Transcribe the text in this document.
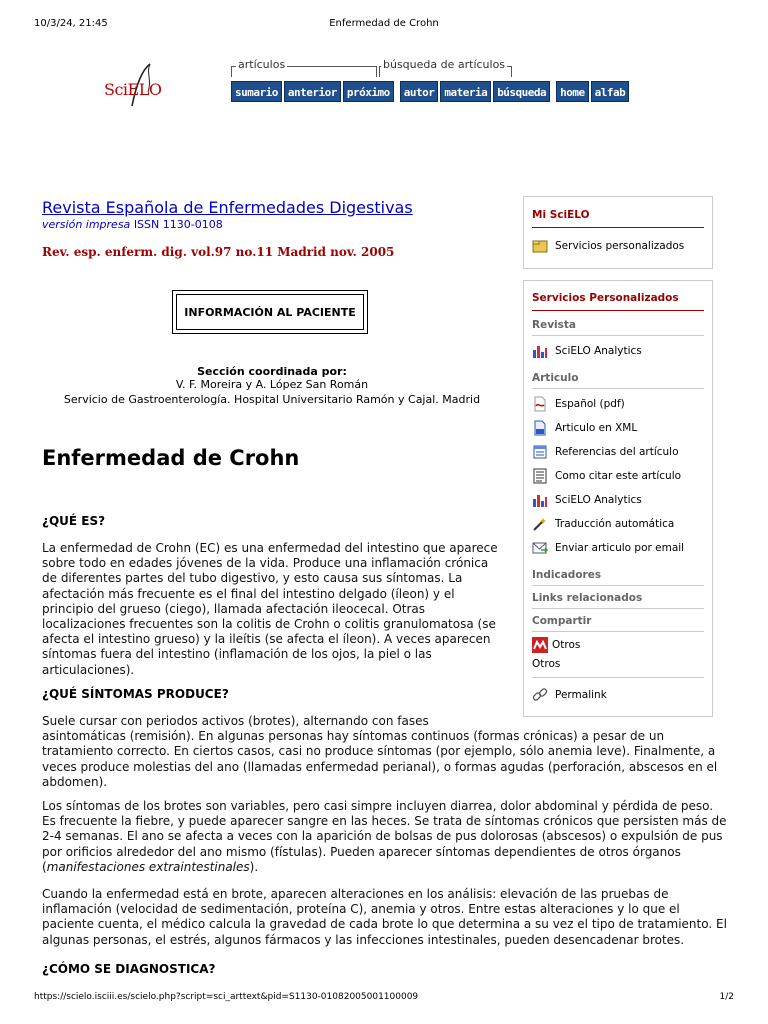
10/3/24, 21:45	Enfermedad de Crohn
SciELO
artículos	búsqueda de artículos
sumario anterior próximo	autor materia búsqueda	home alfab
Revista Española de Enfermedades Digestivas
versión impresa ISSN 1130-0108
Rev. esp. enferm. dig. vol.97 no.11 Madrid nov. 2005
INFORMACIÓN AL PACIENTE
Sección coordinada por:
V. F. Moreira y A. López San Román
Servicio de Gastroenterología. Hospital Universitario Ramón y Cajal. Madrid
Enfermedad de Crohn
¿QUÉ ES?
La enfermedad de Crohn (EC) es una enfermedad del intestino que aparece
sobre todo en edades jóvenes de la vida. Produce una inflamación crónica
de diferentes partes del tubo digestivo, y esto causa sus síntomas. La
afectación más frecuente es el final del intestino delgado (íleon) y el
principio del grueso (ciego), llamada afectación ileocecal. Otras
localizaciones frecuentes son la colitis de Crohn o colitis granulomatosa (se
afecta el intestino grueso) y la ileítis (se afecta el íleon). A veces aparecen
síntomas fuera del intestino (inflamación de los ojos, la piel o las
articulaciones).
¿QUÉ SÍNTOMAS PRODUCE?
Suele cursar con periodos activos (brotes), alternando con fases
asintomáticas (remisión). En algunas personas hay síntomas continuos (formas crónicas) a pesar de un
tratamiento correcto. En ciertos casos, casi no produce síntomas (por ejemplo, sólo anemia leve). Finalmente, a
veces produce molestias del ano (llamadas enfermedad perianal), o formas agudas (perforación, abscesos en el
abdomen).
Los síntomas de los brotes son variables, pero casi simpre incluyen diarrea, dolor abdominal y pérdida de peso.
Es frecuente la fiebre, y puede aparecer sangre en las heces. Se trata de síntomas crónicos que persisten más de
2-4 semanas. El ano se afecta a veces con la aparición de bolsas de pus dolorosas (abscesos) o expulsión de pus
por orificios alrededor del ano mismo (fístulas). Pueden aparecer síntomas dependientes de otros órganos
(manifestaciones extraintestinales).
Cuando la enfermedad está en brote, aparecen alteraciones en los análisis: elevación de las pruebas de
inflamación (velocidad de sedimentación, proteína C), anemia y otros. Entre estas alteraciones y lo que el
paciente cuenta, el médico calcula la gravedad de cada brote lo que determina a su vez el tipo de tratamiento. El
algunas personas, el estrés, algunos fármacos y las infecciones intestinales, pueden desencadenar brotes.
¿CÓMO SE DIAGNOSTICA?
Mi SciELO
Servicios personalizados
Servicios Personalizados
Revista
SciELO Analytics
Articulo
Español (pdf)
Articulo en XML
Referencias del artículo
Como citar este artículo
SciELO Analytics
Traducción automática
Enviar articulo por email
Indicadores
Links relacionados
Compartir
Otros
Otros
Permalink
https://scielo.isciii.es/scielo.php?script=sci_arttext&pid=S1130-01082005001100009	1/2
